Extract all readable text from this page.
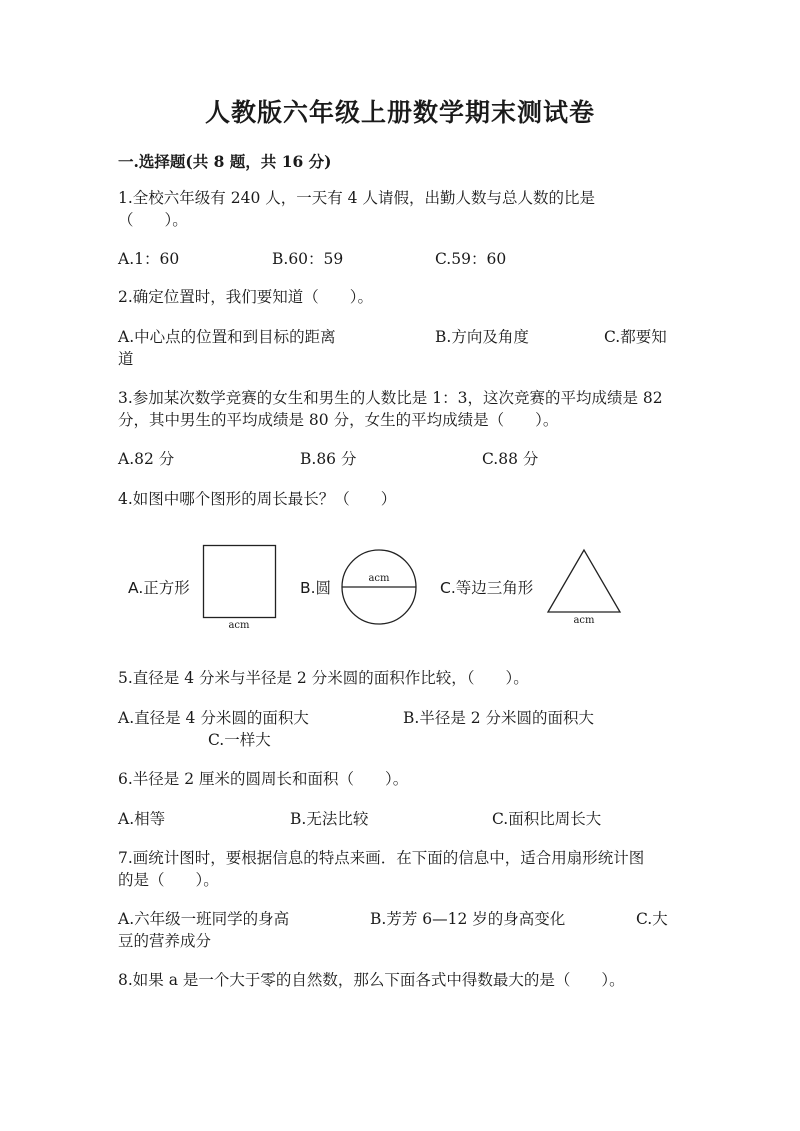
人教版六年级上册数学期末测试卷
一.选择题(共 8 题，共 16 分)
1.全校六年级有 240 人，一天有 4 人请假，出勤人数与总人数的比是
（　　）。
A.1：60	B.60：59	C.59：60
2.确定位置时，我们要知道（　　）。
A.中心点的位置和到目标的距离	B.方向及角度	C.都要知
道
3.参加某次数学竞赛的女生和男生的人数比是 1：3，这次竞赛的平均成绩是 82
分，其中男生的平均成绩是 80 分，女生的平均成绩是（　　）。
A.82 分	B.86 分	C.88 分
4.如图中哪个图形的周长最长？（　　）
A.正方形
acm
B.圆
acm
C.等边三角形
acm
5.直径是 4 分米与半径是 2 分米圆的面积作比较，（　　）。
A.直径是 4 分米圆的面积大	B.半径是 2 分米圆的面积大
C.一样大
6.半径是 2 厘米的圆周长和面积（　　）。
A.相等	B.无法比较	C.面积比周长大
7.画统计图时，要根据信息的特点来画．在下面的信息中，适合用扇形统计图
的是（　　）。
A.六年级一班同学的身高	B.芳芳 6—12 岁的身高变化	C.大
豆的营养成分
8.如果 a 是一个大于零的自然数，那么下面各式中得数最大的是（　　）。
